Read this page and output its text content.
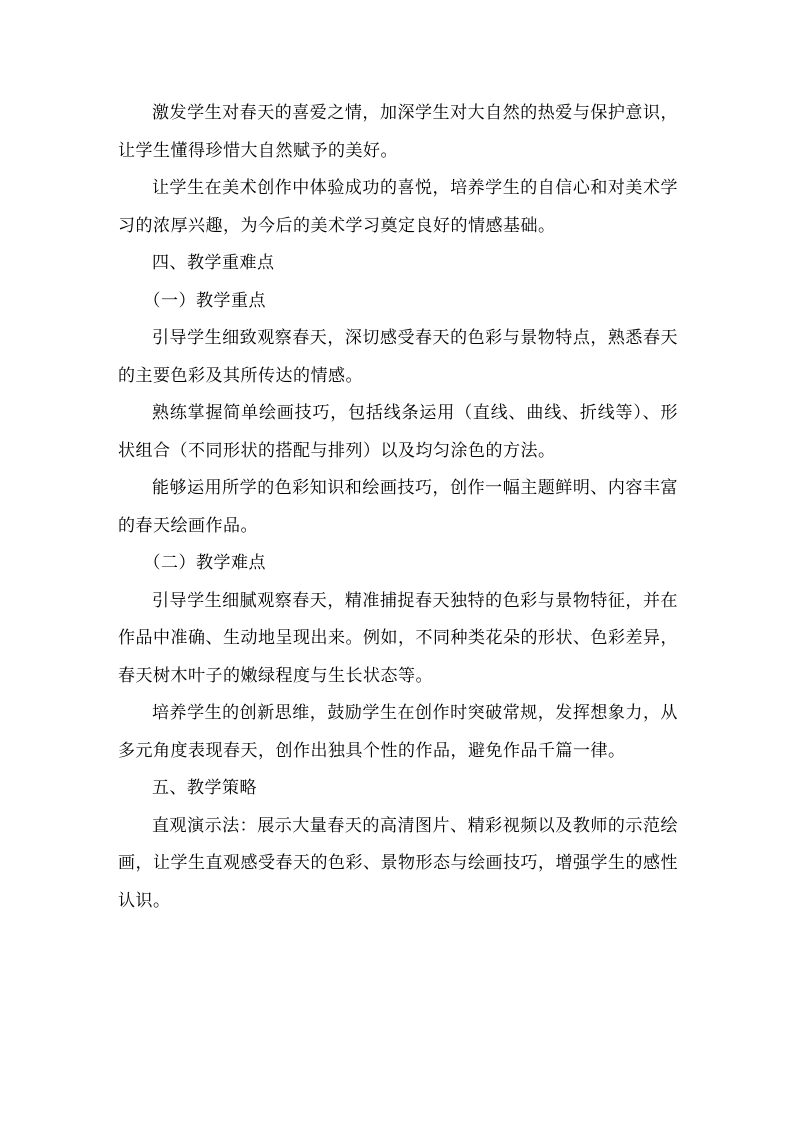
激发学生对春天的喜爱之情，加深学生对大自然的热爱与保护意识，让学生懂得珍惜大自然赋予的美好。

让学生在美术创作中体验成功的喜悦，培养学生的自信心和对美术学习的浓厚兴趣，为今后的美术学习奠定良好的情感基础。

四、教学重难点

（一）教学重点

引导学生细致观察春天，深切感受春天的色彩与景物特点，熟悉春天的主要色彩及其所传达的情感。

熟练掌握简单绘画技巧，包括线条运用（直线、曲线、折线等）、形状组合（不同形状的搭配与排列）以及均匀涂色的方法。

能够运用所学的色彩知识和绘画技巧，创作一幅主题鲜明、内容丰富的春天绘画作品。

（二）教学难点

引导学生细腻观察春天，精准捕捉春天独特的色彩与景物特征，并在作品中准确、生动地呈现出来。例如，不同种类花朵的形状、色彩差异，春天树木叶子的嫩绿程度与生长状态等。

培养学生的创新思维，鼓励学生在创作时突破常规，发挥想象力，从多元角度表现春天，创作出独具个性的作品，避免作品千篇一律。

五、教学策略

直观演示法：展示大量春天的高清图片、精彩视频以及教师的示范绘画，让学生直观感受春天的色彩、景物形态与绘画技巧，增强学生的感性认识。
